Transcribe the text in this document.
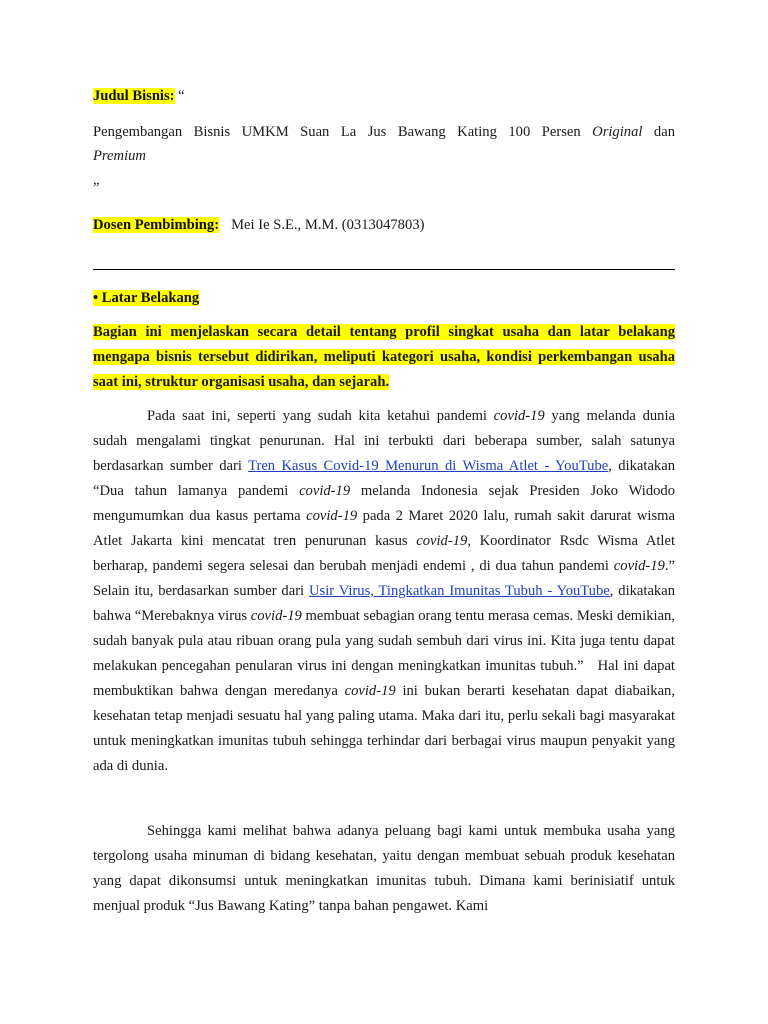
Judul Bisnis: “
Pengembangan Bisnis UMKM Suan La Jus Bawang Kating 100 Persen Original dan
Premium
”
Dosen Pembimbing: Mei Ie S.E., M.M. (0313047803)
• Latar Belakang
Bagian ini menjelaskan secara detail tentang profil singkat usaha dan latar belakang mengapa bisnis tersebut didirikan, meliputi kategori usaha, kondisi perkembangan usaha saat ini, struktur organisasi usaha, dan sejarah.
Pada saat ini, seperti yang sudah kita ketahui pandemi covid-19 yang melanda dunia sudah mengalami tingkat penurunan. Hal ini terbukti dari beberapa sumber, salah satunya berdasarkan sumber dari Tren Kasus Covid-19 Menurun di Wisma Atlet - YouTube, dikatakan “Dua tahun lamanya pandemi covid-19 melanda Indonesia sejak Presiden Joko Widodo mengumumkan dua kasus pertama covid-19 pada 2 Maret 2020 lalu, rumah sakit darurat wisma Atlet Jakarta kini mencatat tren penurunan kasus covid-19, Koordinator Rsdc Wisma Atlet berharap, pandemi segera selesai dan berubah menjadi endemi , di dua tahun pandemi covid-19.” Selain itu, berdasarkan sumber dari Usir Virus, Tingkatkan Imunitas Tubuh - YouTube, dikatakan bahwa “Merebaknya virus covid-19 membuat sebagian orang tentu merasa cemas. Meski demikian, sudah banyak pula atau ribuan orang pula yang sudah sembuh dari virus ini. Kita juga tentu dapat melakukan pencegahan penularan virus ini dengan meningkatkan imunitas tubuh.”   Hal ini dapat membuktikan bahwa dengan meredanya covid-19 ini bukan berarti kesehatan dapat diabaikan, kesehatan tetap menjadi sesuatu hal yang paling utama. Maka dari itu, perlu sekali bagi masyarakat untuk meningkatkan imunitas tubuh sehingga terhindar dari berbagai virus maupun penyakit yang ada di dunia.
Sehingga kami melihat bahwa adanya peluang bagi kami untuk membuka usaha yang tergolong usaha minuman di bidang kesehatan, yaitu dengan membuat sebuah produk kesehatan yang dapat dikonsumsi untuk meningkatkan imunitas tubuh. Dimana kami berinisiatif untuk menjual produk “Jus Bawang Kating” tanpa bahan pengawet. Kami
